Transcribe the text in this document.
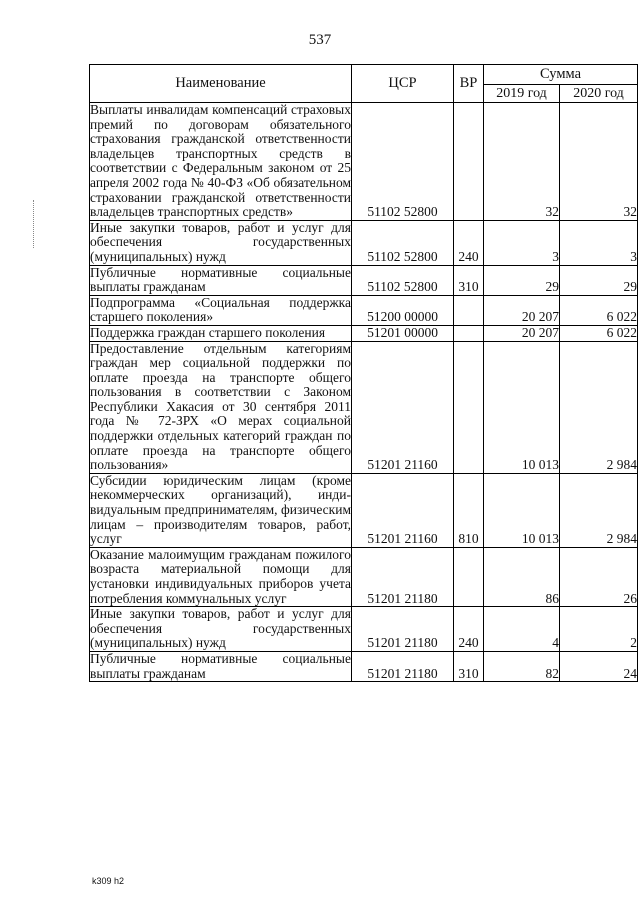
537
Наименование	ЦСР	ВР	Сумма	
			2019 год	2020 год
Выплаты инвалидам компенсаций страховых премий по договорам обязательного страхования гражданской ответственности владельцев транспортных средств в соответствии с Федеральным законом от 25 апреля 2002 года № 40-ФЗ «Об обязательном страховании гражданской ответственности владельцев транспортных средств»	51102 52800		32	32
Иные закупки товаров, работ и услуг для обеспечения государственных (муниципальных) нужд	51102 52800	240	3	3
Публичные нормативные социальные выплаты гражданам	51102 52800	310	29	29
Подпрограмма «Социальная поддержка старшего поколения»	51200 00000		20 207	6 022
Поддержка граждан старшего поколения	51201 00000		20 207	6 022
Предоставление отдельным категориям граждан мер социальной поддержки по оплате проезда на транспорте общего пользования в соответствии с Законом Республики Хакасия от 30 сентября 2011 года № 72-ЗРХ «О мерах социальной поддержки отдельных категорий граждан по оплате проезда на транспорте общего пользования»	51201 21160		10 013	2 984
Субсидии юридическим лицам (кроме некоммерческих организаций), индивидуальным предпринимателям, физическим лицам – производителям товаров, работ, услуг	51201 21160	810	10 013	2 984
Оказание малоимущим гражданам пожилого возраста материальной помощи для установки индивидуальных приборов учета потребления коммунальных услуг	51201 21180		86	26
Иные закупки товаров, работ и услуг для обеспечения государственных (муниципальных) нужд	51201 21180	240	4	2
Публичные нормативные социальные выплаты гражданам	51201 21180	310	82	24
k309 h2
